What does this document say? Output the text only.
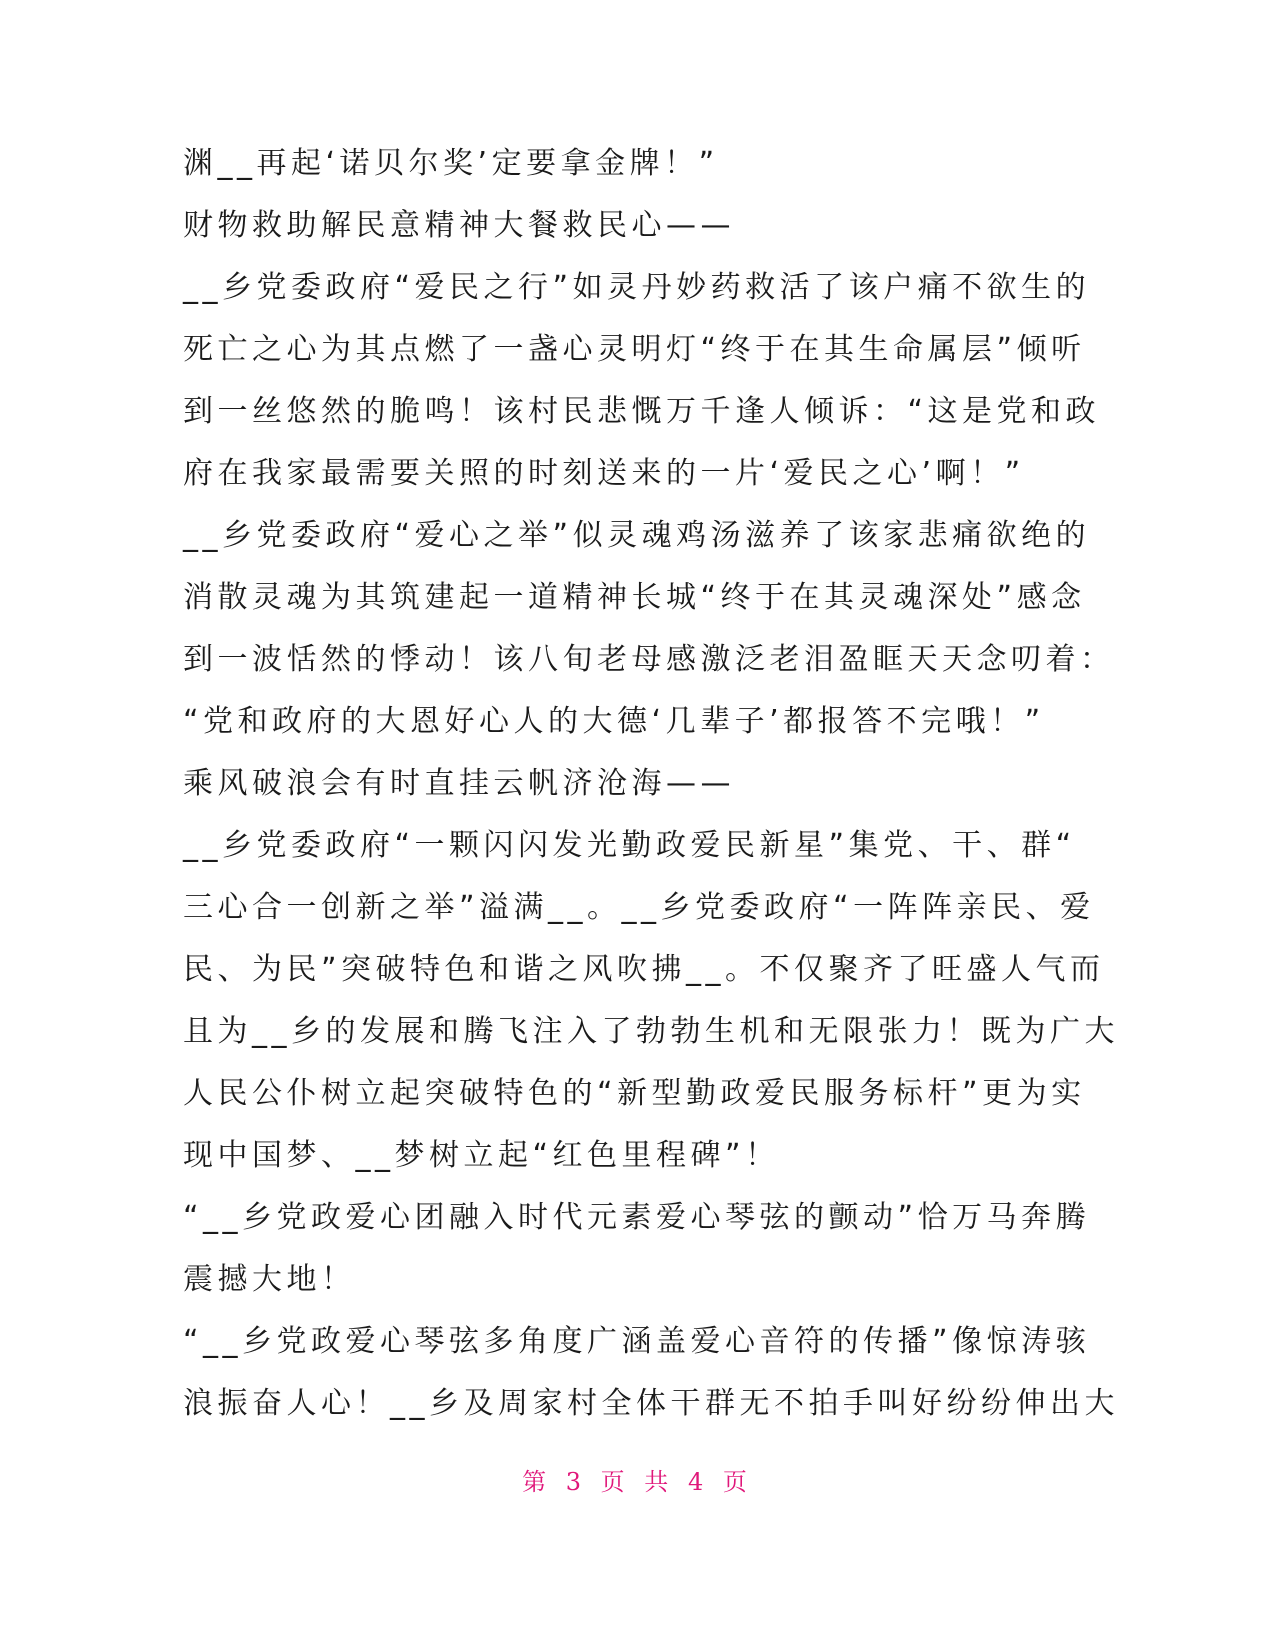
渊__再起‘诺贝尔奖’定要拿金牌！”
财物救助解民意精神大餐救民心——
__乡党委政府“爱民之行”如灵丹妙药救活了该户痛不欲生的
死亡之心为其点燃了一盏心灵明灯“终于在其生命属层”倾听
到一丝悠然的脆鸣！该村民悲慨万千逢人倾诉：“这是党和政
府在我家最需要关照的时刻送来的一片‘爱民之心’啊！”
__乡党委政府“爱心之举”似灵魂鸡汤滋养了该家悲痛欲绝的
消散灵魂为其筑建起一道精神长城“终于在其灵魂深处”感念
到一波恬然的悸动！该八旬老母感激泛老泪盈眶天天念叨着：
“党和政府的大恩好心人的大德‘几辈子’都报答不完哦！”
乘风破浪会有时直挂云帆济沧海——
__乡党委政府“一颗闪闪发光勤政爱民新星”集党、干、群“
三心合一创新之举”溢满__。__乡党委政府“一阵阵亲民、爱
民、为民”突破特色和谐之风吹拂__。不仅聚齐了旺盛人气而
且为__乡的发展和腾飞注入了勃勃生机和无限张力！既为广大
人民公仆树立起突破特色的“新型勤政爱民服务标杆”更为实
现中国梦、__梦树立起“红色里程碑”！
“__乡党政爱心团融入时代元素爱心琴弦的颤动”恰万马奔腾
震撼大地！
“__乡党政爱心琴弦多角度广涵盖爱心音符的传播”像惊涛骇
浪振奋人心！__乡及周家村全体干群无不拍手叫好纷纷伸出大
第 3 页 共 4 页
